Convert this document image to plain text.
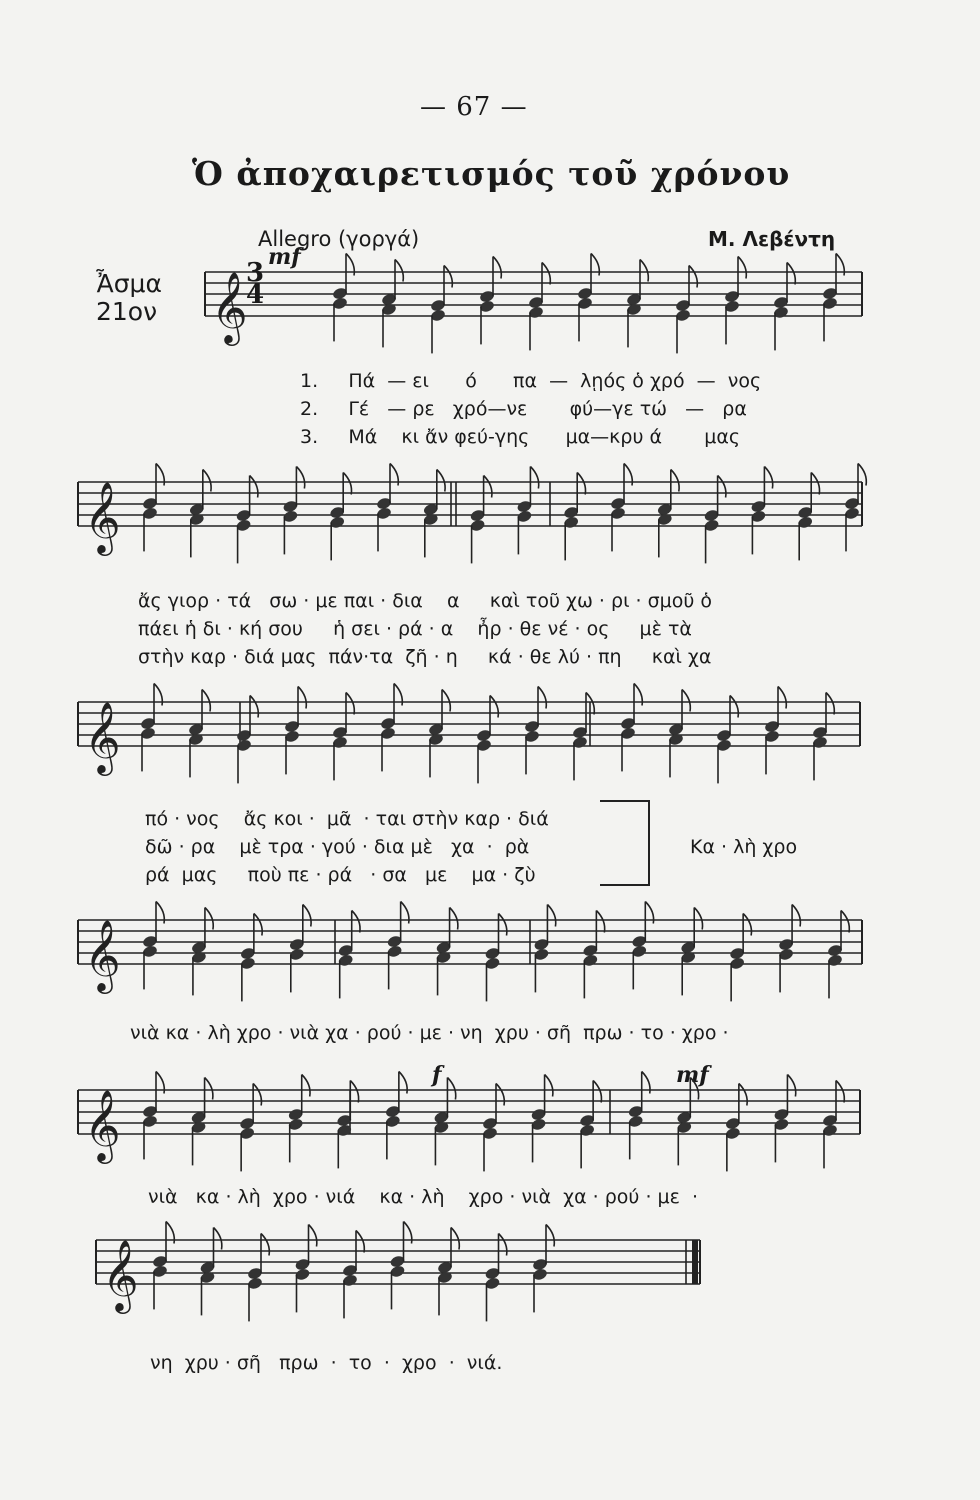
— 67 —
Ὁ ἀποχαιρετισμός τοῦ χρόνου
Allegro (γοργά)	Μ. Λεβέντη
Ἆσμα
21ον
mf
f	mf
𝄞
𝄞
𝄞
𝄞
𝄞
𝄞
3
4
1.     Πά  — ει      ό      πα  —  λῃός ὁ χρό  —  νος
2.     Γέ   — ρε   χρό—νε       φύ—γε τώ   —   ρα
3.     Μά    κι ἄν φεύ-γης      μα—κρυ ά       μας
ἄς γιορ · τά   σω · με παι · δια    α     καὶ τοῦ χω · ρι · σμοῦ ὁ
πάει ἡ δι · κή σου     ἡ σει · ρά · α    ἦρ · θε νέ · ος     μὲ τὰ
στὴν καρ · διά μας  πάν·τα  ζῆ · η     κά · θε λύ · πη     καὶ χα
πό · νος    ἄς κοι ·  μᾶ  · ται στὴν καρ · διά
δῶ · ρα    μὲ τρα · γού · δια μὲ   χα  ·  ρὰ
ρά  μας     ποὺ πε · ρά   · σα   με    μα · ζὺ
Κα · λὴ χρο
νιὰ κα · λὴ χρο · νιὰ χα · ρού · με · νη  χρυ · σῆ  πρω · το · χρο ·
νιὰ   κα · λὴ  χρο · νιά    κα · λὴ    χρο · νιὰ  χα · ρού · με  ·
νη  χρυ · σῆ   πρω  ·  το  ·  χρο  ·  νιά.
